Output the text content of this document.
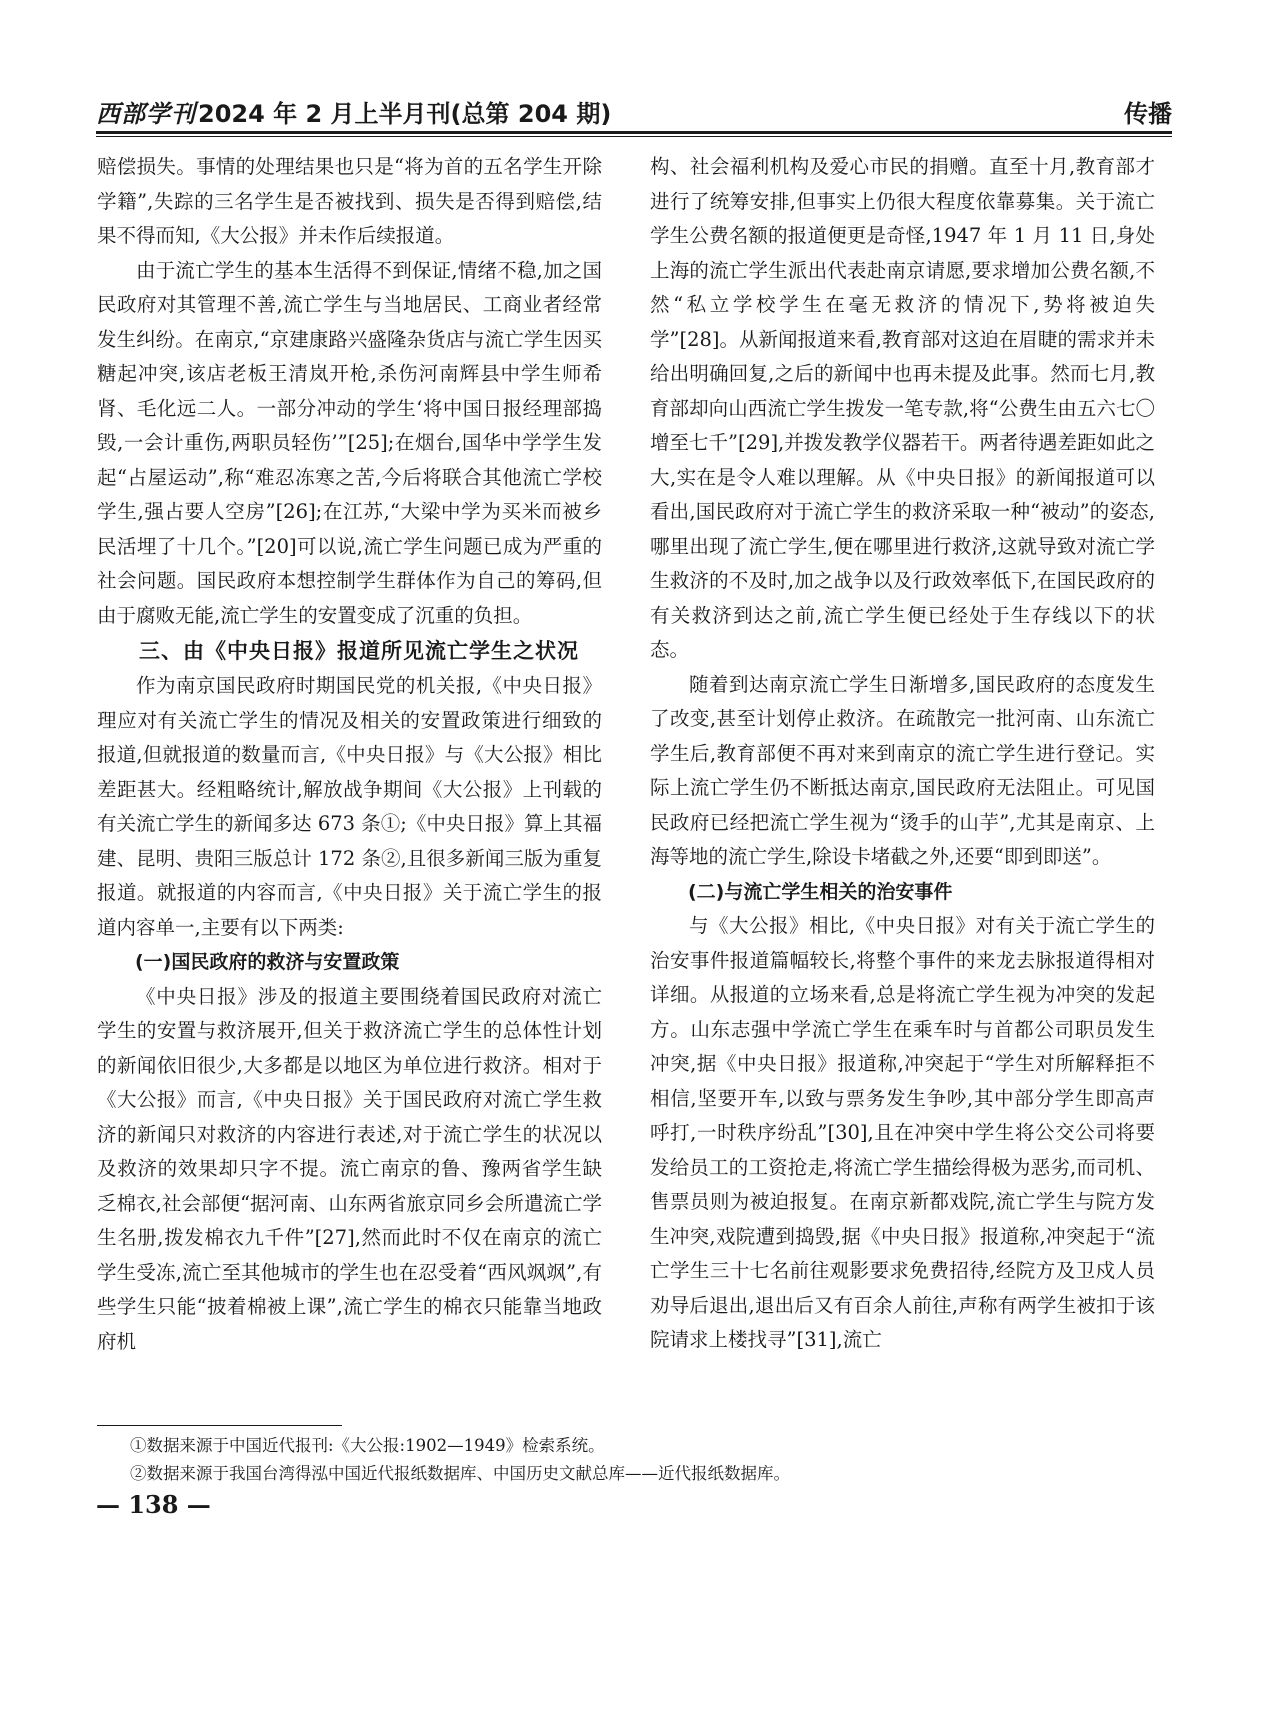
西部学刊2024 年 2 月上半月刊(总第 204 期)	传播

赔偿损失。事情的处理结果也只是“将为首的五名学生开除学籍”,失踪的三名学生是否被找到、损失是否得到赔偿,结果不得而知,《大公报》并未作后续报道。

由于流亡学生的基本生活得不到保证,情绪不稳,加之国民政府对其管理不善,流亡学生与当地居民、工商业者经常发生纠纷。在南京,“京建康路兴盛隆杂货店与流亡学生因买糖起冲突,该店老板王清岚开枪,杀伤河南辉县中学生师希肾、毛化远二人。一部分冲动的学生‘将中国日报经理部捣毁,一会计重伤,两职员轻伤’”[25];在烟台,国华中学学生发起“占屋运动”,称“难忍冻寒之苦,今后将联合其他流亡学校学生,强占要人空房”[26];在江苏,“大梁中学为买米而被乡民活埋了十几个。”[20]可以说,流亡学生问题已成为严重的社会问题。国民政府本想控制学生群体作为自己的筹码,但由于腐败无能,流亡学生的安置变成了沉重的负担。

三、由《中央日报》报道所见流亡学生之状况

作为南京国民政府时期国民党的机关报,《中央日报》理应对有关流亡学生的情况及相关的安置政策进行细致的报道,但就报道的数量而言,《中央日报》与《大公报》相比差距甚大。经粗略统计,解放战争期间《大公报》上刊载的有关流亡学生的新闻多达 673 条①;《中央日报》算上其福建、昆明、贵阳三版总计 172 条②,且很多新闻三版为重复报道。就报道的内容而言,《中央日报》关于流亡学生的报道内容单一,主要有以下两类:

(一)国民政府的救济与安置政策

《中央日报》涉及的报道主要围绕着国民政府对流亡学生的安置与救济展开,但关于救济流亡学生的总体性计划的新闻依旧很少,大多都是以地区为单位进行救济。相对于《大公报》而言,《中央日报》关于国民政府对流亡学生救济的新闻只对救济的内容进行表述,对于流亡学生的状况以及救济的效果却只字不提。流亡南京的鲁、豫两省学生缺乏棉衣,社会部便“据河南、山东两省旅京同乡会所遣流亡学生名册,拨发棉衣九千件”[27],然而此时不仅在南京的流亡学生受冻,流亡至其他城市的学生也在忍受着“西风飒飒”,有些学生只能“披着棉被上课”,流亡学生的棉衣只能靠当地政府机

构、社会福利机构及爱心市民的捐赠。直至十月,教育部才进行了统筹安排,但事实上仍很大程度依靠募集。关于流亡学生公费名额的报道便更是奇怪,1947 年 1 月 11 日,身处上海的流亡学生派出代表赴南京请愿,要求增加公费名额,不然“私立学校学生在毫无救济的情况下,势将被迫失学”[28]。从新闻报道来看,教育部对这迫在眉睫的需求并未给出明确回复,之后的新闻中也再未提及此事。然而七月,教育部却向山西流亡学生拨发一笔专款,将“公费生由五六七〇增至七千”[29],并拨发教学仪器若干。两者待遇差距如此之大,实在是令人难以理解。从《中央日报》的新闻报道可以看出,国民政府对于流亡学生的救济采取一种“被动”的姿态,哪里出现了流亡学生,便在哪里进行救济,这就导致对流亡学生救济的不及时,加之战争以及行政效率低下,在国民政府的有关救济到达之前,流亡学生便已经处于生存线以下的状态。

随着到达南京流亡学生日渐增多,国民政府的态度发生了改变,甚至计划停止救济。在疏散完一批河南、山东流亡学生后,教育部便不再对来到南京的流亡学生进行登记。实际上流亡学生仍不断抵达南京,国民政府无法阻止。可见国民政府已经把流亡学生视为“烫手的山芋”,尤其是南京、上海等地的流亡学生,除设卡堵截之外,还要“即到即送”。

(二)与流亡学生相关的治安事件

与《大公报》相比,《中央日报》对有关于流亡学生的治安事件报道篇幅较长,将整个事件的来龙去脉报道得相对详细。从报道的立场来看,总是将流亡学生视为冲突的发起方。山东志强中学流亡学生在乘车时与首都公司职员发生冲突,据《中央日报》报道称,冲突起于“学生对所解释拒不相信,坚要开车,以致与票务发生争吵,其中部分学生即高声呼打,一时秩序纷乱”[30],且在冲突中学生将公交公司将要发给员工的工资抢走,将流亡学生描绘得极为恶劣,而司机、售票员则为被迫报复。在南京新都戏院,流亡学生与院方发生冲突,戏院遭到捣毁,据《中央日报》报道称,冲突起于“流亡学生三十七名前往观影要求免费招待,经院方及卫戍人员劝导后退出,退出后又有百余人前往,声称有两学生被扣于该院请求上楼找寻”[31],流亡

①数据来源于中国近代报刊:《大公报:1902—1949》检索系统。
②数据来源于我国台湾得泓中国近代报纸数据库、中国历史文献总库——近代报纸数据库。
— 138 —
